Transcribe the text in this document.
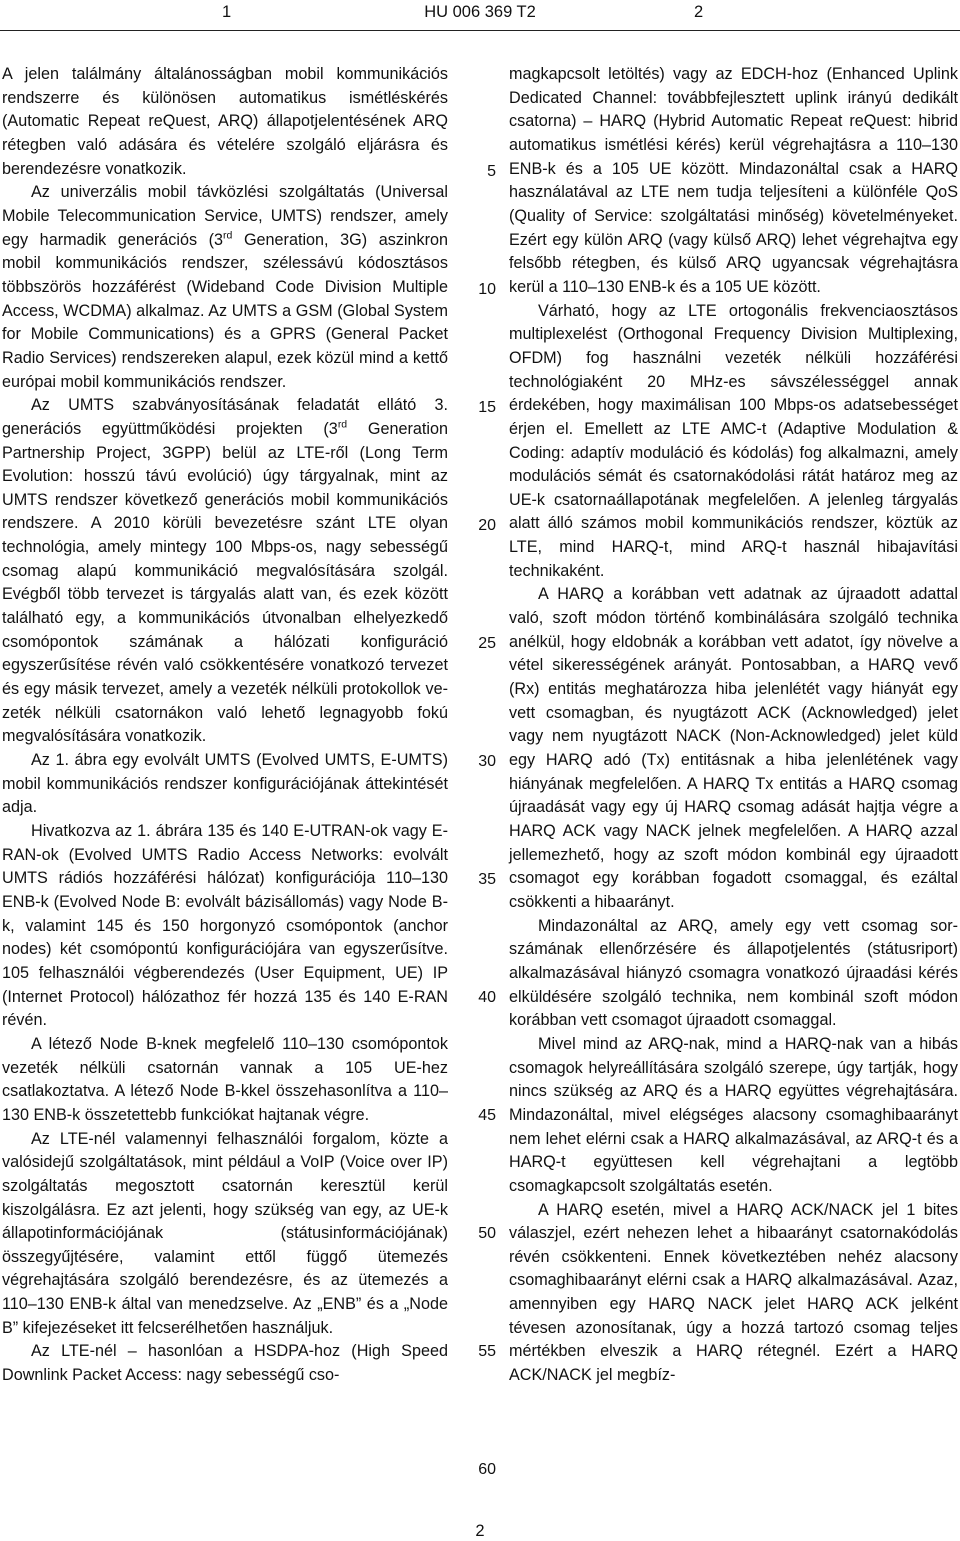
1	HU 006 369 T2	2

A jelen találmány általánosságban mobil kommunikációs rendszerre és különösen automatikus ismétléskérés (Automatic Repeat reQuest, ARQ) állapotjelentésének ARQ rétegben való adására és vételére szolgáló eljárásra és berendezésre vonatkozik.

Az univerzális mobil távközlési szolgáltatás (Universal Mobile Telecommunication Service, UMTS) rendszer, amely egy harmadik generációs (3rd Generation, 3G) aszinkron mobil kommunikációs rendszer, szélessávú kódosztásos többszörös hozzáférést (Wideband Code Division Multiple Access, WCDMA) alkalmaz. Az UMTS a GSM (Global System for Mobile Communications) és a GPRS (General Packet Radio Services) rendszereken alapul, ezek közül mind a kettő európai mobil kommunikációs rendszer.

Az UMTS szabványosításának feladatát ellátó 3. generációs együttműködési projekten (3rd Generation Partnership Project, 3GPP) belül az LTE-ről (Long Term Evolution: hosszú távú evolúció) úgy tárgyalnak, mint az UMTS rendszer következő generációs mobil kommunikációs rendszere. A 2010 körüli bevezetésre szánt LTE olyan technológia, amely mintegy 100 Mbps-os, nagy sebességű csomag alapú kommunikáció megvalósítására szolgál. Evégből több tervezet is tárgyalás alatt van, és ezek között található egy, a kommunikációs útvonalban elhelyezkedő csomópontok számának a hálózati konfiguráció egyszerűsítése révén való csökkentésére vonatkozó tervezet és egy másik tervezet, amely a vezeték nélküli protokollok vezeték nélküli csatornákon való lehető legnagyobb fokú megvalósítására vonatkozik.

Az 1. ábra egy evolvált UMTS (Evolved UMTS, E-UMTS) mobil kommunikációs rendszer konfigurációjának áttekintését adja.

Hivatkozva az 1. ábrára 135 és 140 E-UTRAN-ok vagy E-RAN-ok (Evolved UMTS Radio Access Networks: evolvált UMTS rádiós hozzáférési hálózat) konfigurációja 110–130 ENB-k (Evolved Node B: evolvált bázisállomás) vagy Node B-k, valamint 145 és 150 horgonyzó csomópontok (anchor nodes) két csomópontú konfigurációjára van egyszerűsítve. 105 felhasználói végberendezés (User Equipment, UE) IP (Internet Protocol) hálózathoz fér hozzá 135 és 140 E-RAN révén.

A létező Node B-knek megfelelő 110–130 csomópontok vezeték nélküli csatornán vannak a 105 UE-hez csatlakoztatva. A létező Node B-kkel összehasonlítva a 110–130 ENB-k összetettebb funkciókat hajtanak végre.

Az LTE-nél valamennyi felhasználói forgalom, közte a valósidejű szolgáltatások, mint például a VoIP (Voice over IP) szolgáltatás megosztott csatornán keresztül kerül kiszolgálásra. Ez azt jelenti, hogy szükség van egy, az UE-k állapotinformációjának (státusinformációjának) összegyűjtésére, valamint ettől függő ütemezés végrehajtására szolgáló berendezésre, és az ütemezés a 110–130 ENB-k által van menedzselve. Az „ENB” és a „Node B” kifejezéseket itt felcserélhetően használjuk.

Az LTE-nél – hasonlóan a HSDPA-hoz (High Speed Downlink Packet Access: nagy sebességű cso-

magkapcsolt letöltés) vagy az EDCH-hoz (Enhanced Uplink Dedicated Channel: továbbfejlesztett uplink irányú dedikált csatorna) – HARQ (Hybrid Automatic Repeat reQuest: hibrid automatikus ismétlési kérés) kerül végrehajtásra a 110–130 ENB-k és a 105 UE között. Mindazonáltal csak a HARQ használatával az LTE nem tudja teljesíteni a különféle QoS (Quality of Service: szolgáltatási minőség) követelményeket. Ezért egy külön ARQ (vagy külső ARQ) lehet végrehajtva egy felsőbb rétegben, és külső ARQ ugyancsak végrehajtásra kerül a 110–130 ENB-k és a 105 UE között.

Várható, hogy az LTE ortogonális frekvenciaosztásos multiplexelést (Orthogonal Frequency Division Multiplexing, OFDM) fog használni vezeték nélküli hozzáférési technológiaként 20 MHz-es sávszélességgel annak érdekében, hogy maximálisan 100 Mbps-os adatsebességet érjen el. Emellett az LTE AMC-t (Adaptive Modulation & Coding: adaptív moduláció és kódolás) fog alkalmazni, amely modulációs sémát és csatornakódolási rátát határoz meg az UE-k csatornaállapotának megfelelően. A jelenleg tárgyalás alatt álló számos mobil kommunikációs rendszer, köztük az LTE, mind HARQ-t, mind ARQ-t használ hibajavítási technikaként.

A HARQ a korábban vett adatnak az újraadott adattal való, szoft módon történő kombinálására szolgáló technika anélkül, hogy eldobnák a korábban vett adatot, így növelve a vétel sikerességének arányát. Pontosabban, a HARQ vevő (Rx) entitás meghatározza hiba jelenlétét vagy hiányát egy vett csomagban, és nyugtázott ACK (Acknowledged) jelet vagy nem nyugtázott NACK (Non-Acknowledged) jelet küld egy HARQ adó (Tx) entitásnak a hiba jelenlétének vagy hiányának megfelelően. A HARQ Tx entitás a HARQ csomag újraadását vagy egy új HARQ csomag adását hajtja végre a HARQ ACK vagy NACK jelnek megfelelően. A HARQ azzal jellemezhető, hogy az szoft módon kombinál egy újraadott csomagot egy korábban fogadott csomaggal, és ezáltal csökkenti a hibaarányt.

Mindazonáltal az ARQ, amely egy vett csomag sorszámának ellenőrzésére és állapotjelentés (státusriport) alkalmazásával hiányzó csomagra vonatkozó újraadási kérés elküldésére szolgáló technika, nem kombinál szoft módon korábban vett csomagot újraadott csomaggal.

Mivel mind az ARQ-nak, mind a HARQ-nak van a hibás csomagok helyreállítására szolgáló szerepe, úgy tartják, hogy nincs szükség az ARQ és a HARQ együttes végrehajtására. Mindazonáltal, mivel elégséges alacsony csomaghibaarányt nem lehet elérni csak a HARQ alkalmazásával, az ARQ-t és a HARQ-t együttesen kell végrehajtani a legtöbb csomagkapcsolt szolgáltatás esetén.

A HARQ esetén, mivel a HARQ ACK/NACK jel 1 bites válaszjel, ezért nehezen lehet a hibaarányt csatornakódolás révén csökkenteni. Ennek következtében nehéz alacsony csomaghibaarányt elérni csak a HARQ alkalmazásával. Azaz, amennyiben egy HARQ NACK jelet HARQ ACK jelként tévesen azonosítanak, úgy a hozzá tartozó csomag teljes mértékben elveszik a HARQ rétegnél. Ezért a HARQ ACK/NACK jel megbíz-

5
10
15
20
25
30
35
40
45
50
55
60
2
